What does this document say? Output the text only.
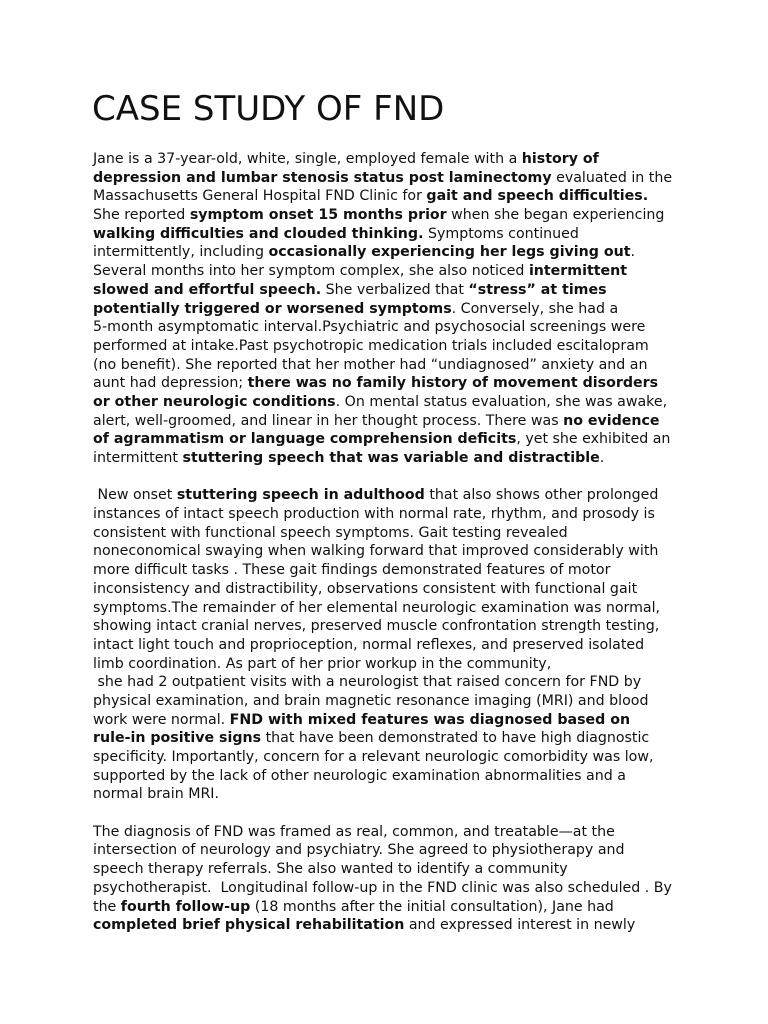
CASE STUDY OF FND
Jane is a 37-year-old, white, single, employed female with a history of
depression and lumbar stenosis status post laminectomy evaluated in the
Massachusetts General Hospital FND Clinic for gait and speech difficulties.
She reported symptom onset 15 months prior when she began experiencing
walking difficulties and clouded thinking. Symptoms continued
intermittently, including occasionally experiencing her legs giving out.
Several months into her symptom complex, she also noticed intermittent
slowed and effortful speech. She verbalized that “stress” at times
potentially triggered or worsened symptoms. Conversely, she had a
5-month asymptomatic interval.Psychiatric and psychosocial screenings were
performed at intake.Past psychotropic medication trials included escitalopram
(no benefit). She reported that her mother had “undiagnosed” anxiety and an
aunt had depression; there was no family history of movement disorders
or other neurologic conditions. On mental status evaluation, she was awake,
alert, well-groomed, and linear in her thought process. There was no evidence
of agrammatism or language comprehension deficits, yet she exhibited an
intermittent stuttering speech that was variable and distractible.
New onset stuttering speech in adulthood that also shows other prolonged
instances of intact speech production with normal rate, rhythm, and prosody is
consistent with functional speech symptoms. Gait testing revealed
noneconomical swaying when walking forward that improved considerably with
more difficult tasks . These gait findings demonstrated features of motor
inconsistency and distractibility, observations consistent with functional gait
symptoms.The remainder of her elemental neurologic examination was normal,
showing intact cranial nerves, preserved muscle confrontation strength testing,
intact light touch and proprioception, normal reflexes, and preserved isolated
limb coordination. As part of her prior workup in the community,
she had 2 outpatient visits with a neurologist that raised concern for FND by
physical examination, and brain magnetic resonance imaging (MRI) and blood
work were normal. FND with mixed features was diagnosed based on
rule-in positive signs that have been demonstrated to have high diagnostic
specificity. Importantly, concern for a relevant neurologic comorbidity was low,
supported by the lack of other neurologic examination abnormalities and a
normal brain MRI.
The diagnosis of FND was framed as real, common, and treatable—at the
intersection of neurology and psychiatry. She agreed to physiotherapy and
speech therapy referrals. She also wanted to identify a community
psychotherapist.  Longitudinal follow-up in the FND clinic was also scheduled . By
the fourth follow-up (18 months after the initial consultation), Jane had
completed brief physical rehabilitation and expressed interest in newly
